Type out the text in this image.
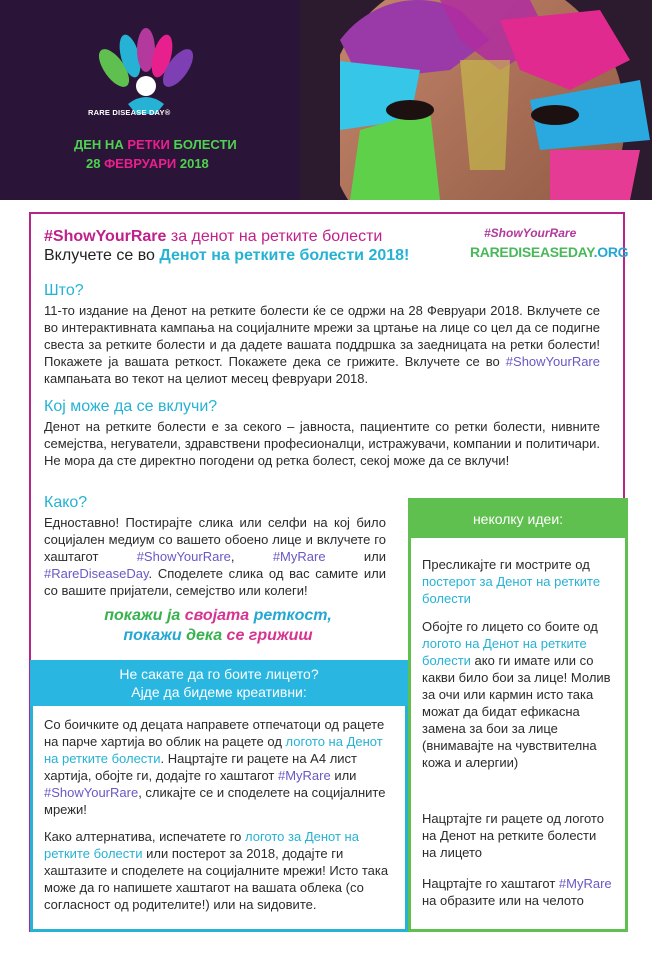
RARE DISEASE DAY®
ДЕН НА РЕТКИ БОЛЕСТИ
28 ФЕВРУАРИ 2018
#ShowYourRare за денот на ретките болести
Вклучете се во Денот на ретките болести 2018!
#ShowYourRare
RAREDISEASEDAY.ORG
Што?
11-то издание на Денот на ретките болести ќе се одржи на 28 Февруари 2018. Вклучете се во интерактивната кампања на социјалните мрежи за цртање на лице со цел да се подигне свеста за ретките болести и да дадете вашата поддршка за заедницата на ретки болести! Покажете ја вашата реткост. Покажете дека се грижите. Вклучете се во #ShowYourRare кампањата во текот на целиот месец февруари 2018.
Кој може да се вклучи?
Денот на ретките болести е за секого – јавноста, пациентите со ретки болести, нивните семејства, негуватели, здравствени професионалци, истражувачи, компании и политичари. Не мора да сте директно погодени од ретка болест, секој може да се вклучи!
Како?
Едноставно! Постирајте слика или селфи на кој било социјален медиум со вашето обоено лице и вклучете го хаштагот #ShowYourRare, #MyRare или #RareDiseaseDay. Споделете слика од вас самите или со вашите пријатели, семејство или колеги!
покажи ја својата реткост,
покажи дека се грижиш
неколку идеи:
Пресликајте ги мострите од постерот за Денот на ретките болести
Обојте го лицето со боите од логото на Денот на ретките болести ако ги имате или со какви било бои за лице! Молив за очи или кармин исто така можат да бидат ефикасна замена за бои за лице (внимавајте на чувствителна кожа и алергии)
Нацртајте ги рацете од логото на Денот на ретките болести на лицето
Нацртајте го хаштагот #MyRare на образите или на челото
Не сакате да го боите лицето?
Ајде да бидеме креативни:
Со боичките од децата направете отпечатоци од рацете на парче хартија во облик на рацете од логото на Денот на ретките болести. Нацртајте ги рацете на А4 лист хартија, обојте ги, додајте го хаштагот #MyRare или #ShowYourRare, сликајте се и споделете на социјалните мрежи!
Како алтернатива, испечатете го логото за Денот на ретките болести или постерот за 2018, додајте ги хаштазите и споделете на социјалните мрежи! Исто така може да го напишете хаштагот на вашата облека (со согласност од родителите!) или на ѕидовите.
